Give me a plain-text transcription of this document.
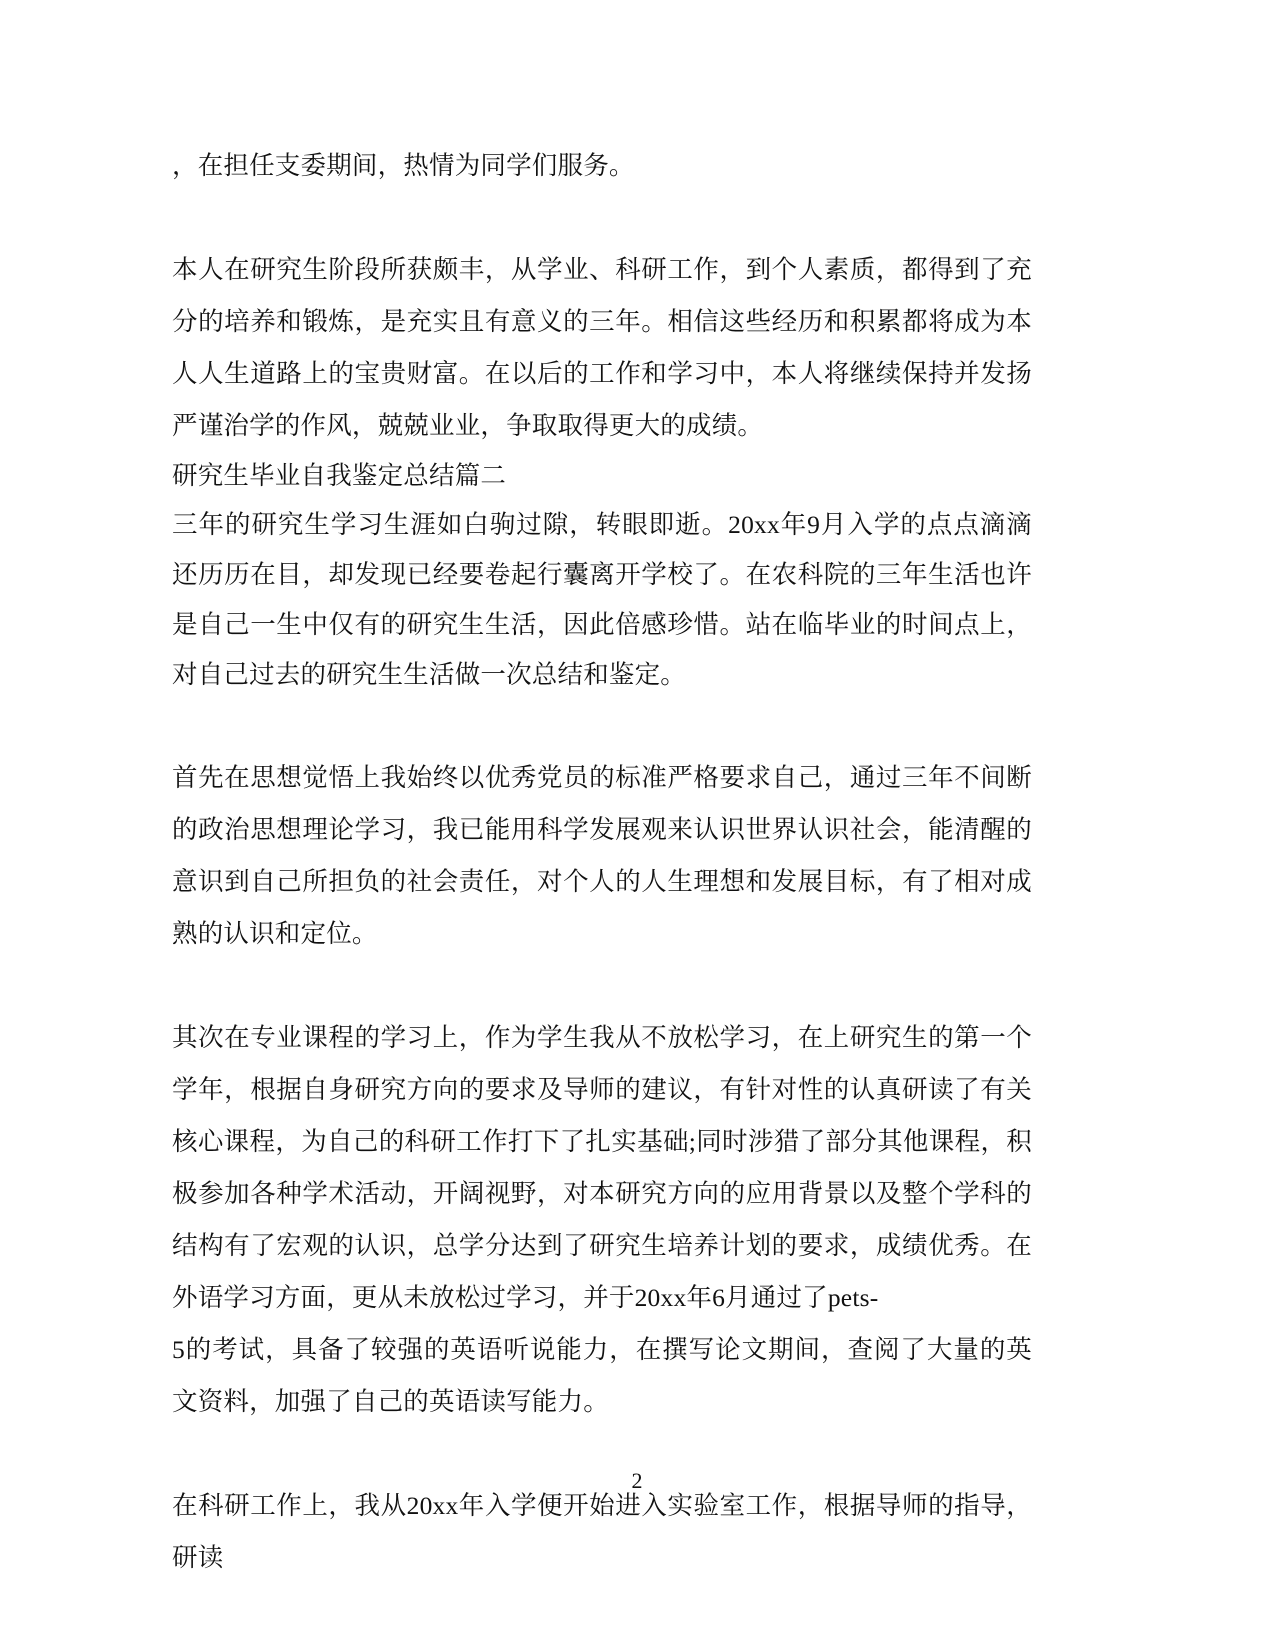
，在担任支委期间，热情为同学们服务。

本人在研究生阶段所获颇丰，从学业、科研工作，到个人素质，都得到了充分的培养和锻炼，是充实且有意义的三年。相信这些经历和积累都将成为本人人生道路上的宝贵财富。在以后的工作和学习中，本人将继续保持并发扬严谨治学的作风，兢兢业业，争取取得更大的成绩。

研究生毕业自我鉴定总结篇二

三年的研究生学习生涯如白驹过隙，转眼即逝。20xx年9月入学的点点滴滴还历历在目，却发现已经要卷起行囊离开学校了。在农科院的三年生活也许是自己一生中仅有的研究生生活，因此倍感珍惜。站在临毕业的时间点上，对自己过去的研究生生活做一次总结和鉴定。

首先在思想觉悟上我始终以优秀党员的标准严格要求自己，通过三年不间断的政治思想理论学习，我已能用科学发展观来认识世界认识社会，能清醒的意识到自己所担负的社会责任，对个人的人生理想和发展目标，有了相对成熟的认识和定位。

其次在专业课程的学习上，作为学生我从不放松学习，在上研究生的第一个学年，根据自身研究方向的要求及导师的建议，有针对性的认真研读了有关核心课程，为自己的科研工作打下了扎实基础;同时涉猎了部分其他课程，积极参加各种学术活动，开阔视野，对本研究方向的应用背景以及整个学科的结构有了宏观的认识，总学分达到了研究生培养计划的要求，成绩优秀。在外语学习方面，更从未放松过学习，并于20xx年6月通过了pets-

5的考试，具备了较强的英语听说能力，在撰写论文期间，查阅了大量的英文资料，加强了自己的英语读写能力。

在科研工作上，我从20xx年入学便开始进入实验室工作，根据导师的指导，研读

2
